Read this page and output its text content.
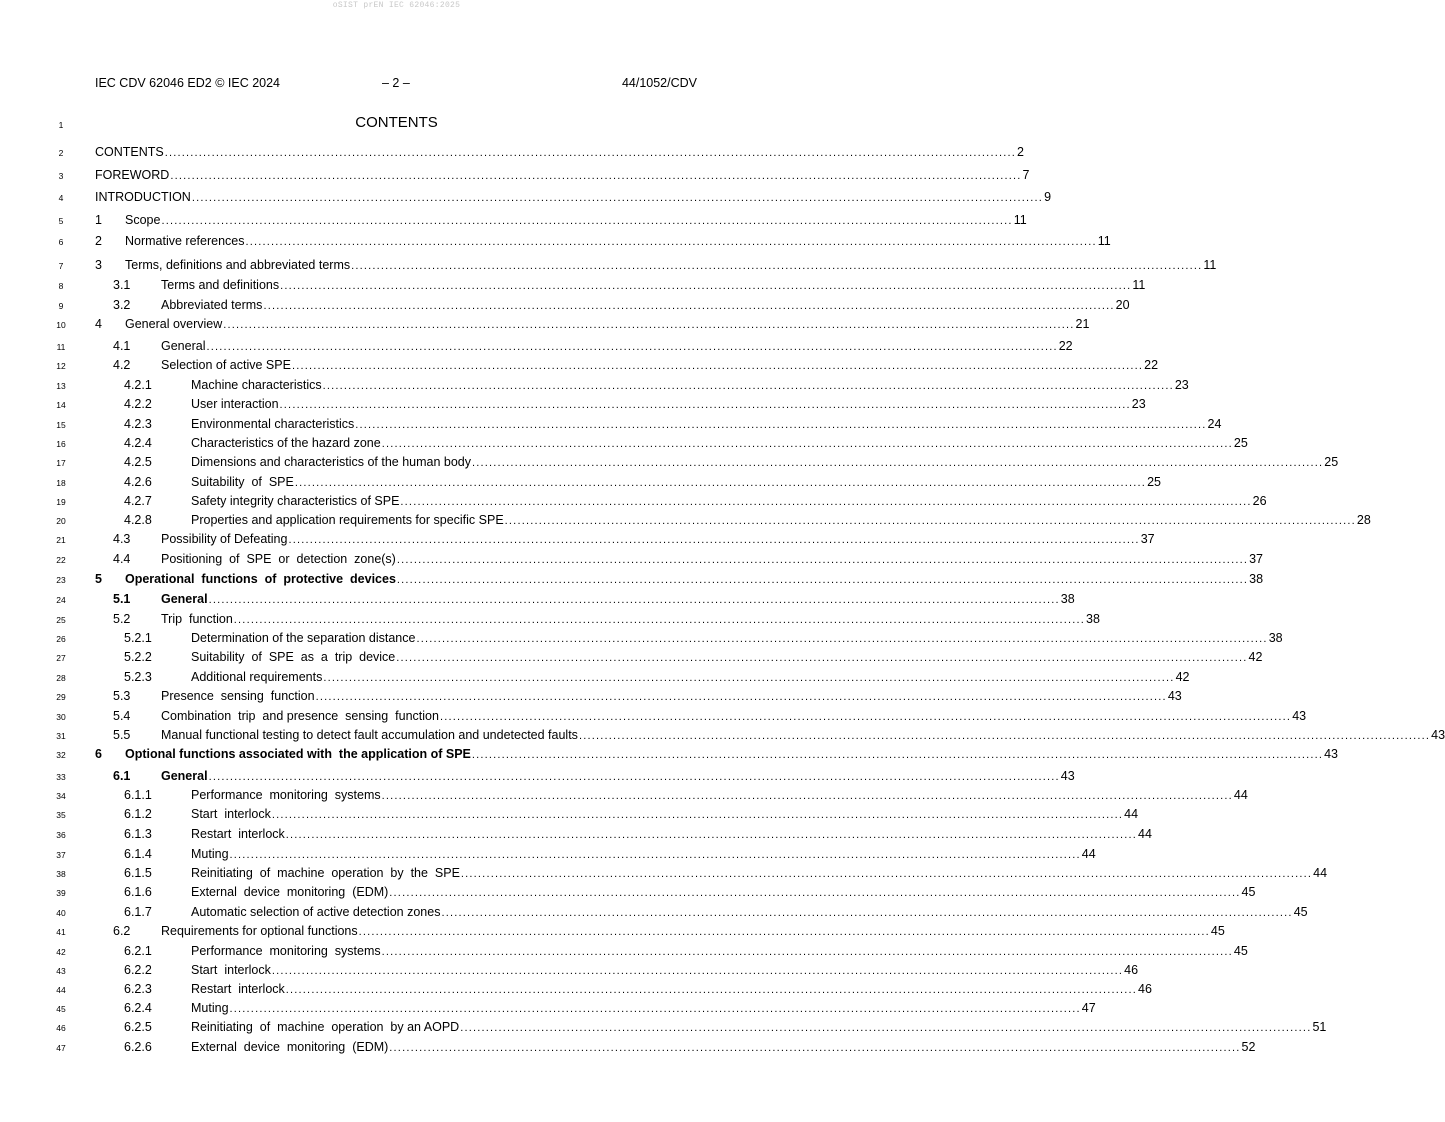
oSIST prEN IEC 62046:2025
IEC CDV 62046 ED2 © IEC 2024	– 2 –	44/1052/CDV
1	CONTENTS
2	CONTENTS ........................................................................................................................................................................................................ 2
3	FOREWORD ........................................................................................................................................................................................................ 7
4	INTRODUCTION ........................................................................................................................................................................................................ 9
5	1 Scope ........................................................................................................................................................................................................ 11
6	2 Normative references ........................................................................................................................................................................................................ 11
7	3 Terms, definitions and abbreviated terms ........................................................................................................................................................................................................ 11
8	3.1 Terms and definitions ........................................................................................................................................................................................................ 11
9	3.2 Abbreviated terms ........................................................................................................................................................................................................ 20
10	4 General overview ........................................................................................................................................................................................................ 21
11	4.1 General ........................................................................................................................................................................................................ 22
12	4.2 Selection of active SPE ........................................................................................................................................................................................................ 22
13	4.2.1	Machine characteristics ........................................................................................................................................................................................................ 23
14	4.2.2	User interaction ........................................................................................................................................................................................................ 23
15	4.2.3	Environmental characteristics ........................................................................................................................................................................................................ 24
16	4.2.4	Characteristics of the hazard zone ........................................................................................................................................................................................................ 25
17	4.2.5	Dimensions and characteristics of the human body ........................................................................................................................................................................................................ 25
18	4.2.6	Suitability  of  SPE ........................................................................................................................................................................................................ 25
19	4.2.7	Safety integrity characteristics of SPE ........................................................................................................................................................................................................ 26
20	4.2.8	Properties and application requirements for specific SPE ........................................................................................................................................................................................................ 28
21	4.3 Possibility of Defeating ........................................................................................................................................................................................................ 37
22	4.4 Positioning  of  SPE  or  detection  zone(s) ........................................................................................................................................................................................................ 37
23	5 Operational  functions  of  protective  devices ........................................................................................................................................................................................................ 38
24	5.1 General ........................................................................................................................................................................................................ 38
25	5.2 Trip  function ........................................................................................................................................................................................................ 38
26	5.2.1	Determination of the separation distance ........................................................................................................................................................................................................ 38
27	5.2.2	Suitability  of  SPE  as  a  trip  device ........................................................................................................................................................................................................ 42
28	5.2.3	Additional requirements ........................................................................................................................................................................................................ 42
29	5.3 Presence  sensing  function ........................................................................................................................................................................................................ 43
30	5.4 Combination  trip  and presence  sensing  function ........................................................................................................................................................................................................ 43
31	5.5 Manual functional testing to detect fault accumulation and undetected faults ........................................................................................................................................................................................................ 43
32	6 Optional functions associated with  the application of SPE ........................................................................................................................................................................................................ 43
33	6.1 General ........................................................................................................................................................................................................ 43
34	6.1.1	Performance  monitoring  systems ........................................................................................................................................................................................................ 44
35	6.1.2	Start  interlock ........................................................................................................................................................................................................ 44
36	6.1.3	Restart  interlock ........................................................................................................................................................................................................ 44
37	6.1.4	Muting ........................................................................................................................................................................................................ 44
38	6.1.5	Reinitiating  of  machine  operation  by  the  SPE ........................................................................................................................................................................................................ 44
39	6.1.6	External  device  monitoring  (EDM) ........................................................................................................................................................................................................ 45
40	6.1.7	Automatic selection of active detection zones ........................................................................................................................................................................................................ 45
41	6.2 Requirements for optional functions ........................................................................................................................................................................................................ 45
42	6.2.1	Performance  monitoring  systems ........................................................................................................................................................................................................ 45
43	6.2.2	Start  interlock ........................................................................................................................................................................................................ 46
44	6.2.3	Restart  interlock ........................................................................................................................................................................................................ 46
45	6.2.4	Muting ........................................................................................................................................................................................................ 47
46	6.2.5	Reinitiating  of  machine  operation  by an AOPD ........................................................................................................................................................................................................ 51
47	6.2.6	External  device  monitoring  (EDM) ........................................................................................................................................................................................................ 52
